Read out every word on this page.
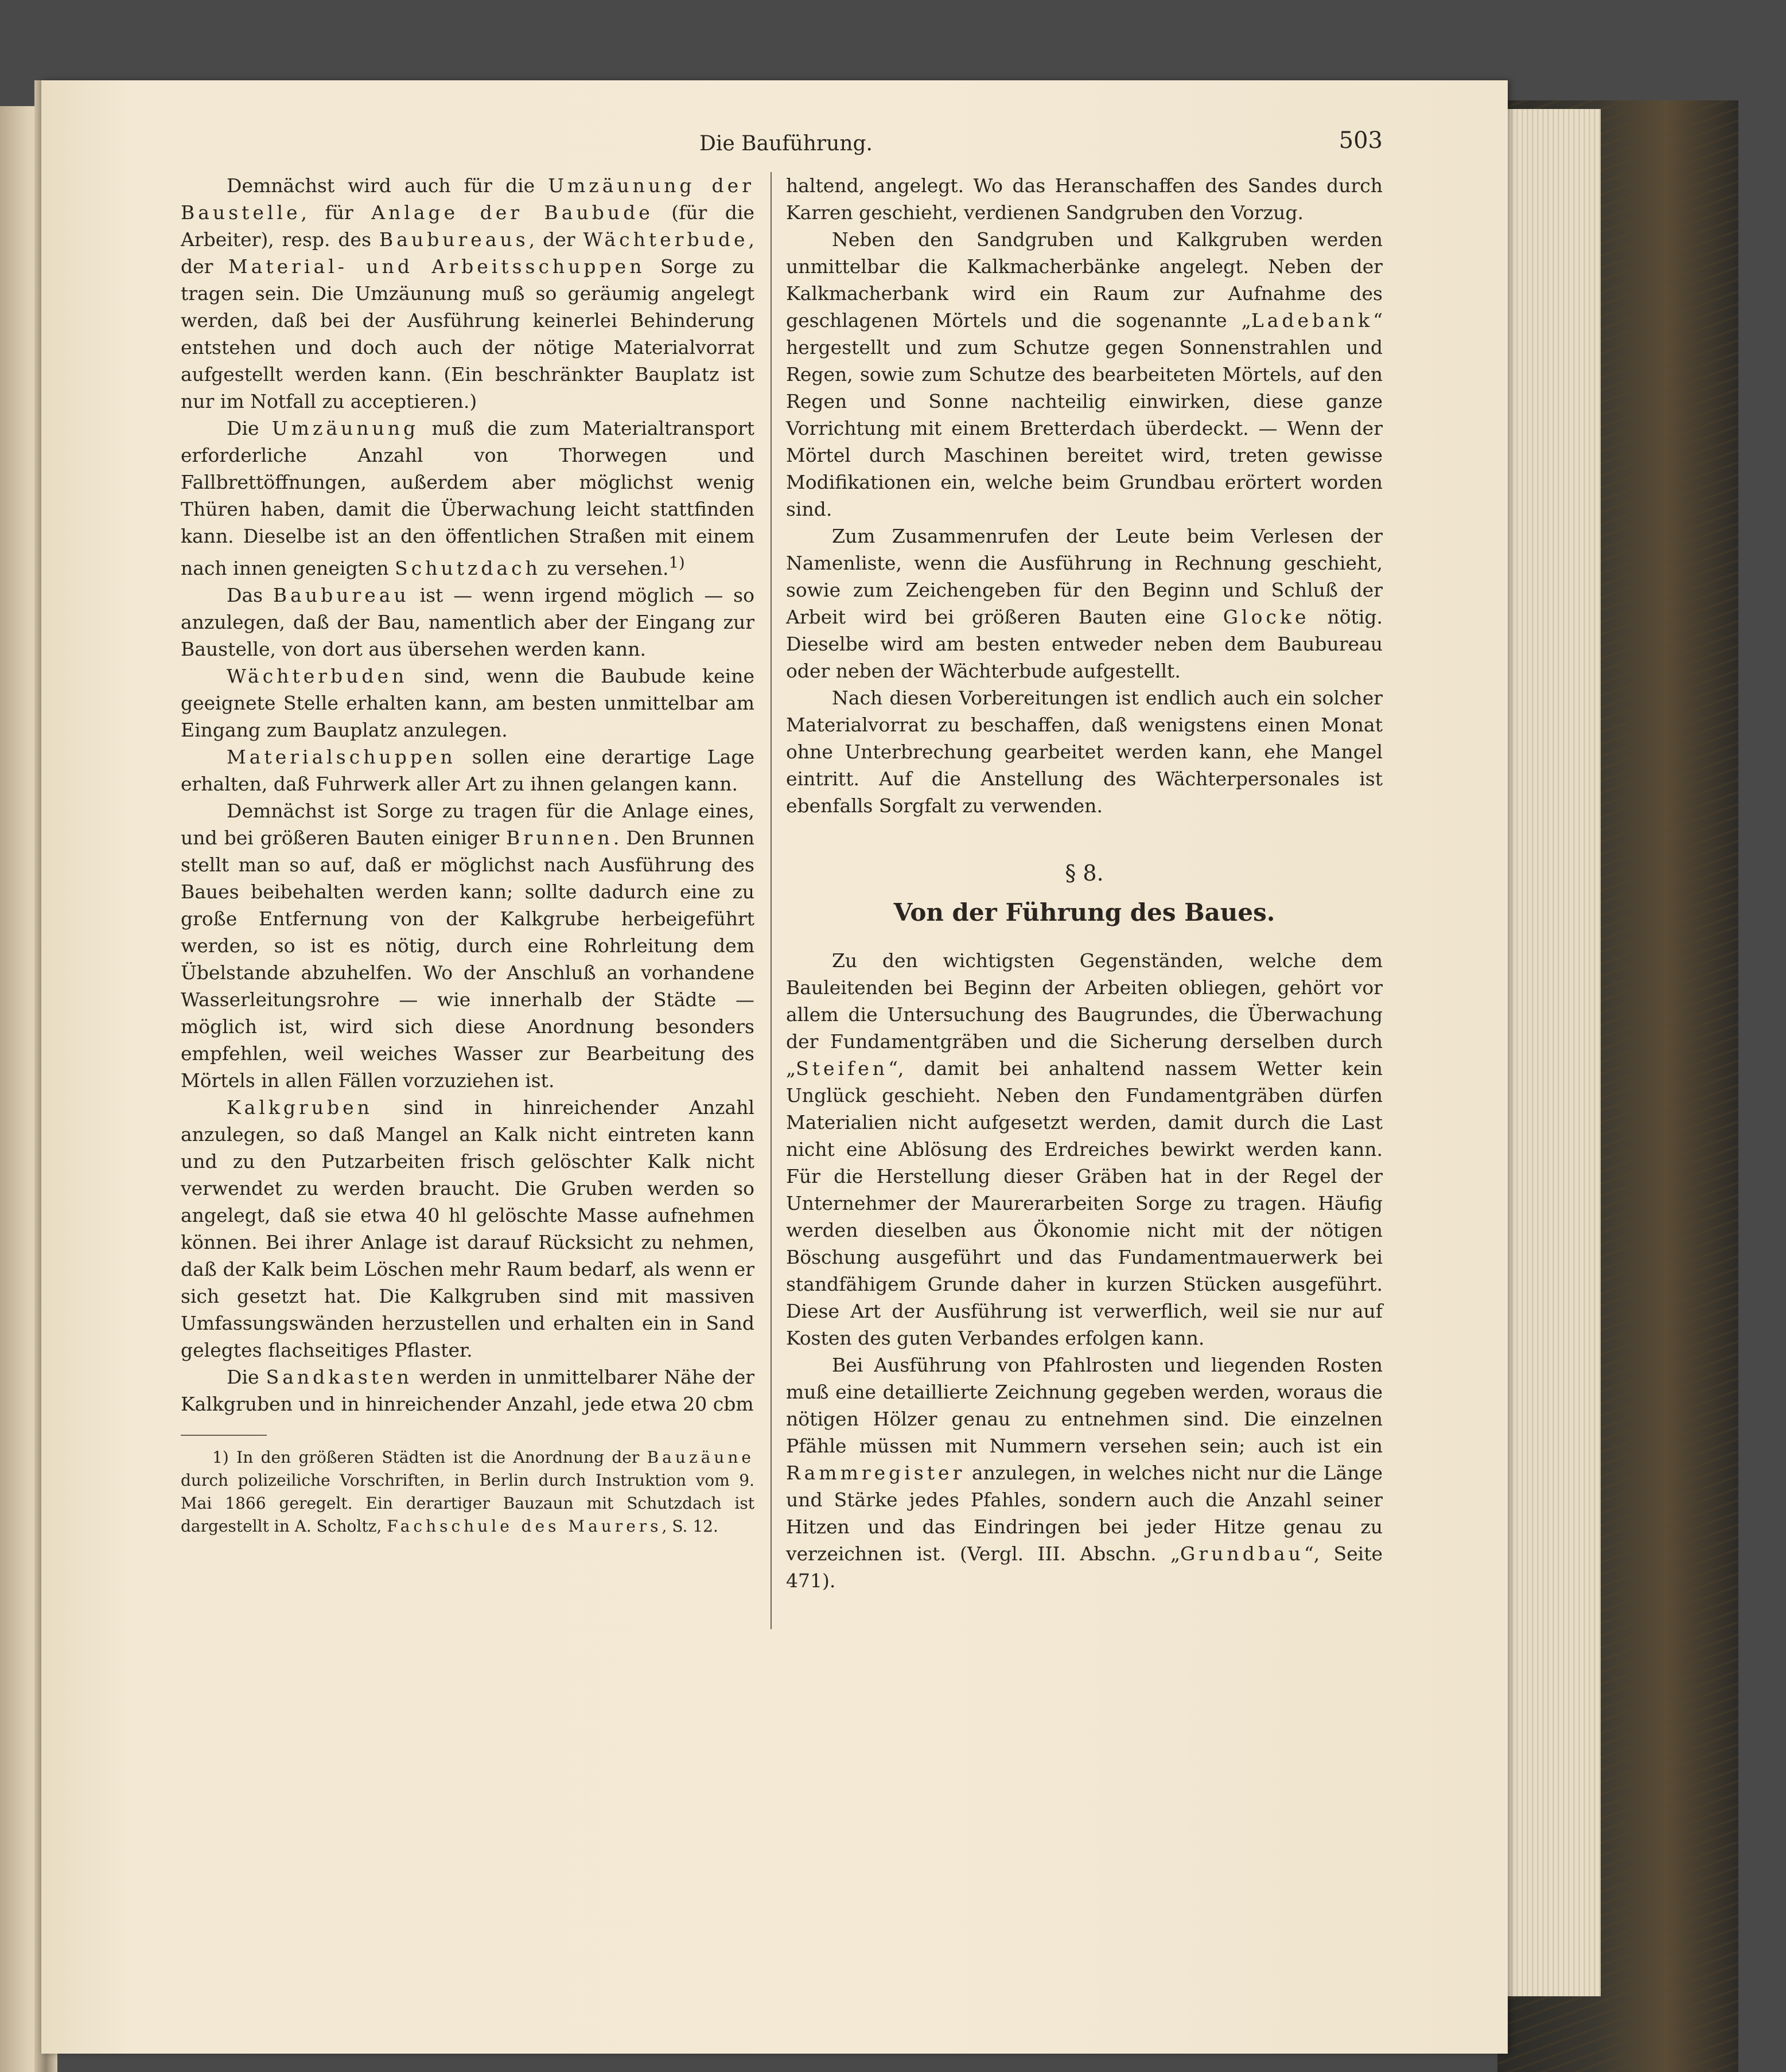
Die Bauführung.	503

Demnächst wird auch für die Umzäunung der Baustelle, für Anlage der Baubude (für die Arbeiter), resp. des Baubureaus, der Wächterbude, der Material- und Arbeitsschuppen Sorge zu tragen sein. Die Umzäunung muß so geräumig angelegt werden, daß bei der Ausführung keinerlei Behinderung entstehen und doch auch der nötige Materialvorrat aufgestellt werden kann. (Ein beschränkter Bauplatz ist nur im Notfall zu acceptieren.)

Die Umzäunung muß die zum Materialtransport erforderliche Anzahl von Thorwegen und Fallbrettöffnungen, außerdem aber möglichst wenig Thüren haben, damit die Überwachung leicht stattfinden kann. Dieselbe ist an den öffentlichen Straßen mit einem nach innen geneigten Schutzdach zu versehen.$^{1)}$

Das Baubureau ist — wenn irgend möglich — so anzulegen, daß der Bau, namentlich aber der Eingang zur Baustelle, von dort aus übersehen werden kann.

Wächterbuden sind, wenn die Baubude keine geeignete Stelle erhalten kann, am besten unmittelbar am Eingang zum Bauplatz anzulegen.

Materialschuppen sollen eine derartige Lage erhalten, daß Fuhrwerk aller Art zu ihnen gelangen kann.

Demnächst ist Sorge zu tragen für die Anlage eines, und bei größeren Bauten einiger Brunnen. Den Brunnen stellt man so auf, daß er möglichst nach Ausführung des Baues beibehalten werden kann; sollte dadurch eine zu große Entfernung von der Kalkgrube herbeigeführt werden, so ist es nötig, durch eine Rohrleitung dem Übelstande abzuhelfen. Wo der Anschluß an vorhandene Wasserleitungsrohre — wie innerhalb der Städte — möglich ist, wird sich diese Anordnung besonders empfehlen, weil weiches Wasser zur Bearbeitung des Mörtels in allen Fällen vorzuziehen ist.

Kalkgruben sind in hinreichender Anzahl anzulegen, so daß Mangel an Kalk nicht eintreten kann und zu den Putzarbeiten frisch gelöschter Kalk nicht verwendet zu werden braucht. Die Gruben werden so angelegt, daß sie etwa 40 hl gelöschte Masse aufnehmen können. Bei ihrer Anlage ist darauf Rücksicht zu nehmen, daß der Kalk beim Löschen mehr Raum bedarf, als wenn er sich gesetzt hat. Die Kalkgruben sind mit massiven Umfassungswänden herzustellen und erhalten ein in Sand gelegtes flachseitiges Pflaster.

Die Sandkasten werden in unmittelbarer Nähe der Kalkgruben und in hinreichender Anzahl, jede etwa 20 cbm

1) In den größeren Städten ist die Anordnung der Bauzäune durch polizeiliche Vorschriften, in Berlin durch Instruktion vom 9. Mai 1866 geregelt. Ein derartiger Bauzaun mit Schutzdach ist dargestellt in A. Scholtz, Fachschule des Maurers, S. 12.

haltend, angelegt. Wo das Heranschaffen des Sandes durch Karren geschieht, verdienen Sandgruben den Vorzug.

Neben den Sandgruben und Kalkgruben werden unmittelbar die Kalkmacherbänke angelegt. Neben der Kalkmacherbank wird ein Raum zur Aufnahme des geschlagenen Mörtels und die sogenannte „Ladebank“ hergestellt und zum Schutze gegen Sonnenstrahlen und Regen, sowie zum Schutze des bearbeiteten Mörtels, auf den Regen und Sonne nachteilig einwirken, diese ganze Vorrichtung mit einem Bretterdach überdeckt. — Wenn der Mörtel durch Maschinen bereitet wird, treten gewisse Modifikationen ein, welche beim Grundbau erörtert worden sind.

Zum Zusammenrufen der Leute beim Verlesen der Namenliste, wenn die Ausführung in Rechnung geschieht, sowie zum Zeichengeben für den Beginn und Schluß der Arbeit wird bei größeren Bauten eine Glocke nötig. Dieselbe wird am besten entweder neben dem Baubureau oder neben der Wächterbude aufgestellt.

Nach diesen Vorbereitungen ist endlich auch ein solcher Materialvorrat zu beschaffen, daß wenigstens einen Monat ohne Unterbrechung gearbeitet werden kann, ehe Mangel eintritt. Auf die Anstellung des Wächterpersonales ist ebenfalls Sorgfalt zu verwenden.

§ 8.
Von der Führung des Baues.

Zu den wichtigsten Gegenständen, welche dem Bauleitenden bei Beginn der Arbeiten obliegen, gehört vor allem die Untersuchung des Baugrundes, die Überwachung der Fundamentgräben und die Sicherung derselben durch „Steifen“, damit bei anhaltend nassem Wetter kein Unglück geschieht. Neben den Fundamentgräben dürfen Materialien nicht aufgesetzt werden, damit durch die Last nicht eine Ablösung des Erdreiches bewirkt werden kann. Für die Herstellung dieser Gräben hat in der Regel der Unternehmer der Maurerarbeiten Sorge zu tragen. Häufig werden dieselben aus Ökonomie nicht mit der nötigen Böschung ausgeführt und das Fundamentmauerwerk bei standfähigem Grunde daher in kurzen Stücken ausgeführt. Diese Art der Ausführung ist verwerflich, weil sie nur auf Kosten des guten Verbandes erfolgen kann.

Bei Ausführung von Pfahlrosten und liegenden Rosten muß eine detaillierte Zeichnung gegeben werden, woraus die nötigen Hölzer genau zu entnehmen sind. Die einzelnen Pfähle müssen mit Nummern versehen sein; auch ist ein Rammregister anzulegen, in welches nicht nur die Länge und Stärke jedes Pfahles, sondern auch die Anzahl seiner Hitzen und das Eindringen bei jeder Hitze genau zu verzeichnen ist. (Vergl. III. Abschn. „Grundbau“, Seite 471).
